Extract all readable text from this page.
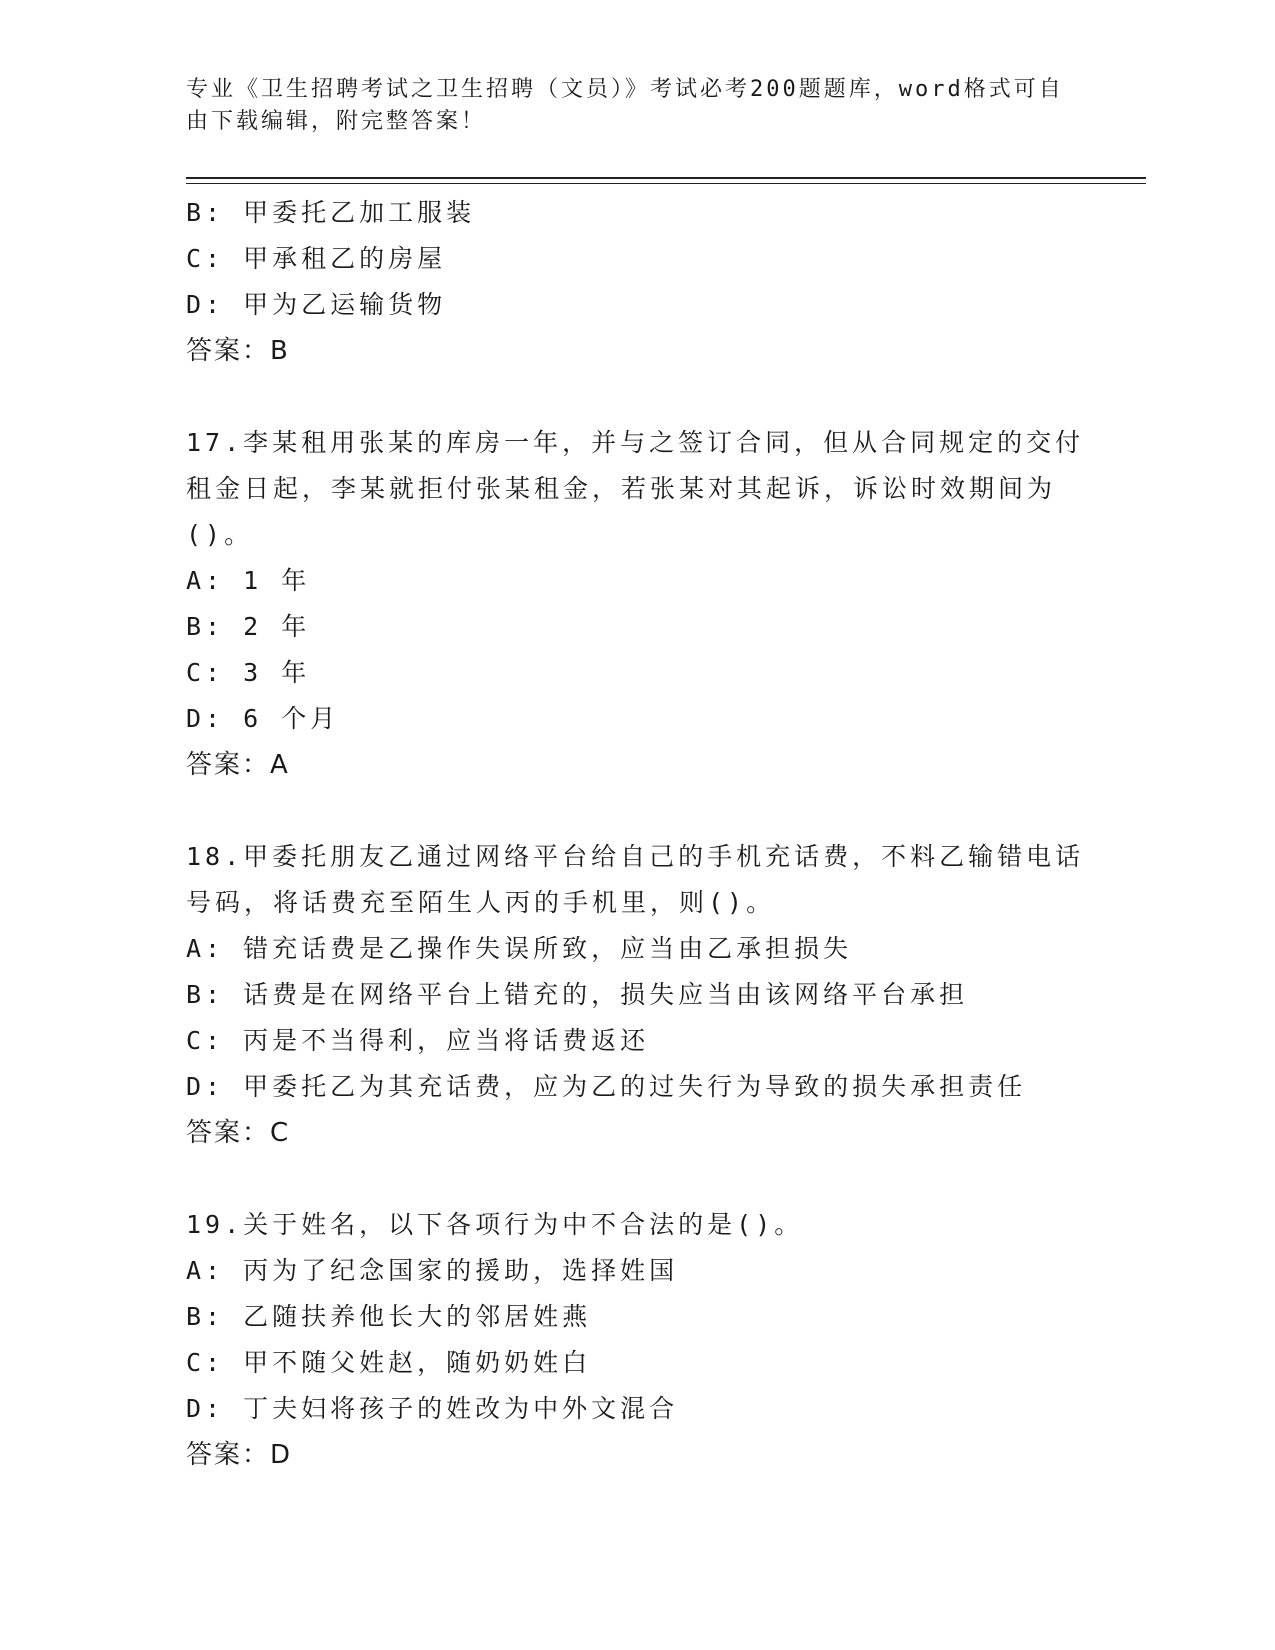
专业《卫生招聘考试之卫生招聘（文员）》考试必考200题题库，word格式可自
由下载编辑，附完整答案！
B: 甲委托乙加工服装
C: 甲承租乙的房屋
D: 甲为乙运输货物
答案：B
17.李某租用张某的库房一年，并与之签订合同，但从合同规定的交付
租金日起，李某就拒付张某租金，若张某对其起诉，诉讼时效期间为
()。
A: 1 年
B: 2 年
C: 3 年
D: 6 个月
答案：A
18.甲委托朋友乙通过网络平台给自己的手机充话费，不料乙输错电话
号码，将话费充至陌生人丙的手机里，则()。
A: 错充话费是乙操作失误所致，应当由乙承担损失
B: 话费是在网络平台上错充的，损失应当由该网络平台承担
C: 丙是不当得利，应当将话费返还
D: 甲委托乙为其充话费，应为乙的过失行为导致的损失承担责任
答案：C
19.关于姓名，以下各项行为中不合法的是()。
A: 丙为了纪念国家的援助，选择姓国
B: 乙随扶养他长大的邻居姓燕
C: 甲不随父姓赵，随奶奶姓白
D: 丁夫妇将孩子的姓改为中外文混合
答案：D
